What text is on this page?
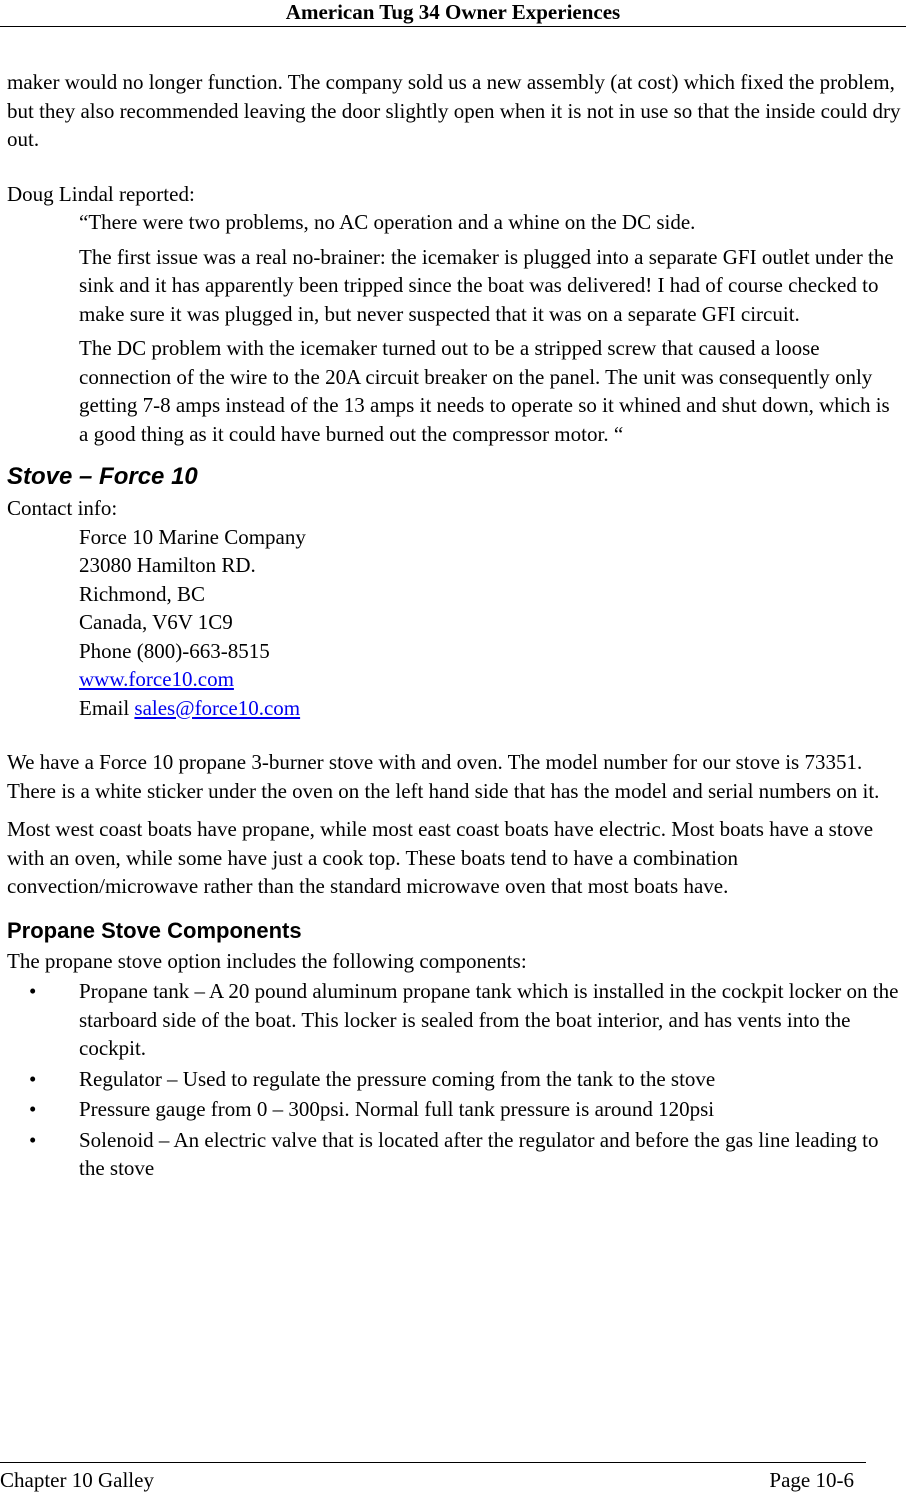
American Tug 34 Owner Experiences

maker would no longer function. The company sold us a new assembly (at cost) which fixed the problem, but they also recommended leaving the door slightly open when it is not in use so that the inside could dry out.

Doug Lindal reported:

“There were two problems, no AC operation and a whine on the DC side.

The first issue was a real no-brainer: the icemaker is plugged into a separate GFI outlet under the sink and it has apparently been tripped since the boat was delivered! I had of course checked to make sure it was plugged in, but never suspected that it was on a separate GFI circuit.

The DC problem with the icemaker turned out to be a stripped screw that caused a loose connection of the wire to the 20A circuit breaker on the panel. The unit was consequently only getting 7-8 amps instead of the 13 amps it needs to operate so it whined and shut down, which is a good thing as it could have burned out the compressor motor. “

Stove – Force 10

Contact info:

Force 10 Marine Company

23080 Hamilton RD.

Richmond, BC

Canada, V6V 1C9

Phone (800)-663-8515

www.force10.com

Email sales@force10.com

We have a Force 10 propane 3-burner stove with and oven. The model number for our stove is 73351. There is a white sticker under the oven on the left hand side that has the model and serial numbers on it.

Most west coast boats have propane, while most east coast boats have electric. Most boats have a stove with an oven, while some have just a cook top. These boats tend to have a combination convection/microwave rather than the standard microwave oven that most boats have.

Propane Stove Components

The propane stove option includes the following components:

• Propane tank – A 20 pound aluminum propane tank which is installed in the cockpit locker on the starboard side of the boat. This locker is sealed from the boat interior, and has vents into the cockpit.
• Regulator – Used to regulate the pressure coming from the tank to the stove
• Pressure gauge from 0 – 300psi. Normal full tank pressure is around 120psi
• Solenoid – An electric valve that is located after the regulator and before the gas line leading to the stove
Chapter 10 Galley	Page 10-6
